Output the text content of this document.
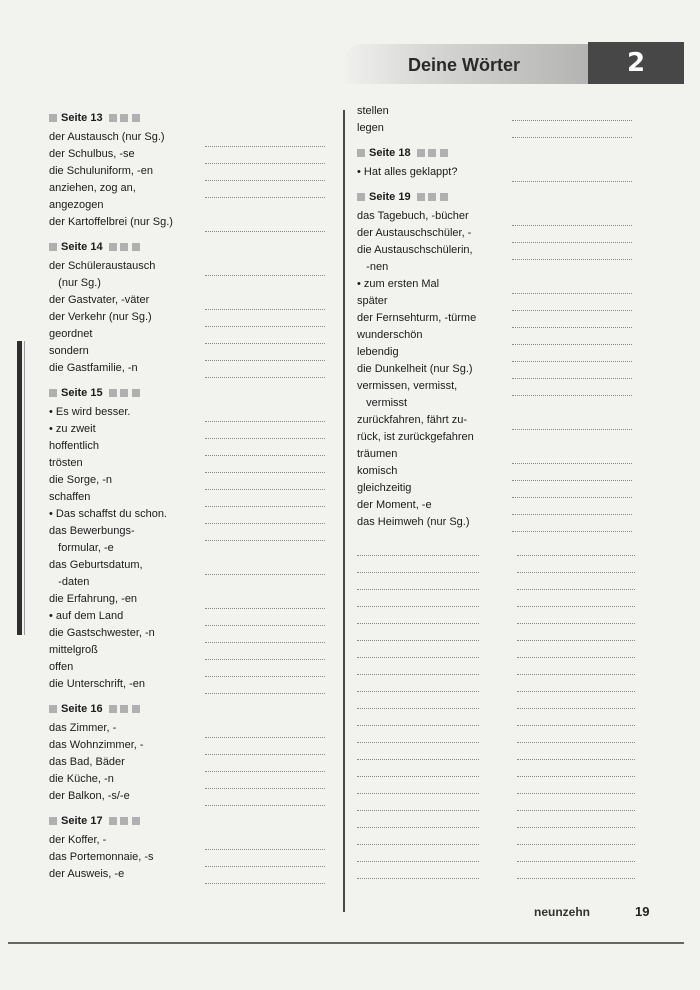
Deine Wörter	2
Seite 13
der Austausch (nur Sg.)
der Schulbus, -se
die Schuluniform, -en
anziehen, zog an,
angezogen
der Kartoffelbrei (nur Sg.)
Seite 14
der Schüleraustausch
(nur Sg.)
der Gastvater, -väter
der Verkehr (nur Sg.)
geordnet
sondern
die Gastfamilie, -n
Seite 15
• Es wird besser.
• zu zweit
hoffentlich
trösten
die Sorge, -n
schaffen
• Das schaffst du schon.
das Bewerbungs-
formular, -e
das Geburtsdatum,
-daten
die Erfahrung, -en
• auf dem Land
die Gastschwester, -n
mittelgroß
offen
die Unterschrift, -en
Seite 16
das Zimmer, -
das Wohnzimmer, -
das Bad, Bäder
die Küche, -n
der Balkon, -s/-e
Seite 17
der Koffer, -
das Portemonnaie, -s
der Ausweis, -e
stellen
legen
Seite 18
• Hat alles geklappt?
Seite 19
das Tagebuch, -bücher
der Austauschschüler, -
die Austauschschülerin,
-nen
• zum ersten Mal
später
der Fernsehturm, -türme
wunderschön
lebendig
die Dunkelheit (nur Sg.)
vermissen, vermisst,
vermisst
zurückfahren, fährt zu-
rück, ist zurückgefahren
träumen
komisch
gleichzeitig
der Moment, -e
das Heimweh (nur Sg.)
neunzehn	19
